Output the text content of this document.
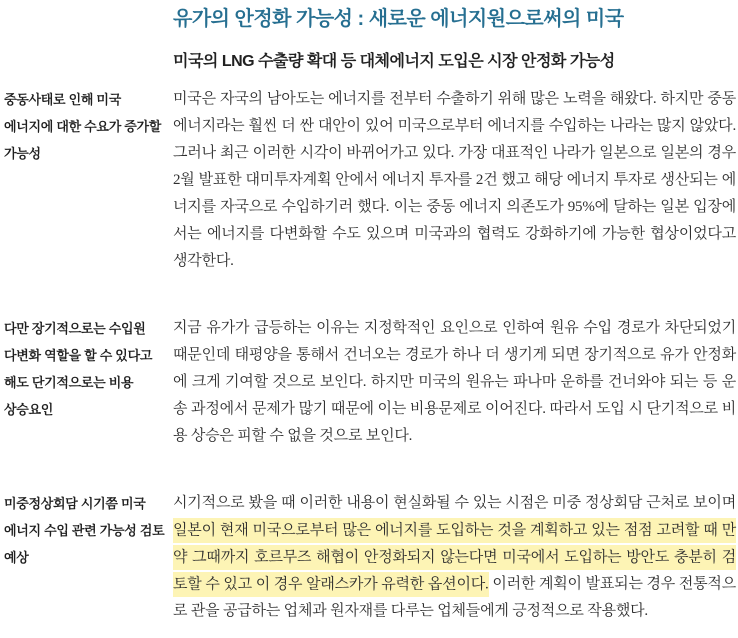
유가의 안정화 가능성 : 새로운 에너지원으로써의 미국
미국의 LNG 수출량 확대 등 대체에너지 도입은 시장 안정화 가능성
중동사태로 인해 미국 에너지에 대한 수요가 증가할 가능성

미국은 자국의 남아도는 에너지를 전부터 수출하기 위해 많은 노력을 해왔다. 하지만 중동 에너지라는 훨씬 더 싼 대안이 있어 미국으로부터 에너지를 수입하는 나라는 많지 않았다. 그러나 최근 이러한 시각이 바뀌어가고 있다. 가장 대표적인 나라가 일본으로 일본의 경우 2월 발표한 대미투자계획 안에서 에너지 투자를 2건 했고 해당 에너지 투자로 생산되는 에너지를 자국으로 수입하기러 했다. 이는 중동 에너지 의존도가 95%에 달하는 일본 입장에서는 에너지를 다변화할 수도 있으며 미국과의 협력도 강화하기에 가능한 협상이었다고 생각한다.

다만 장기적으로는 수입원 다변화 역할을 할 수 있다고 해도 단기적으로는 비용 상승요인

지금 유가가 급등하는 이유는 지정학적인 요인으로 인하여 원유 수입 경로가 차단되었기 때문인데 태평양을 통해서 건너오는 경로가 하나 더 생기게 되면 장기적으로 유가 안정화에 크게 기여할 것으로 보인다. 하지만 미국의 원유는 파나마 운하를 건너와야 되는 등 운송 과정에서 문제가 많기 때문에 이는 비용문제로 이어진다. 따라서 도입 시 단기적으로 비용 상승은 피할 수 없을 것으로 보인다.

미중정상회담 시기쯤 미국 에너지 수입 관련 가능성 검토 예상

시기적으로 봤을 때 이러한 내용이 현실화될 수 있는 시점은 미중 정상회담 근처로 보이며 일본이 현재 미국으로부터 많은 에너지를 도입하는 것을 계획하고 있는 점점 고려할 때 만약 그때까지 호르무즈 해협이 안정화되지 않는다면 미국에서 도입하는 방안도 충분히 검토할 수 있고 이 경우 알래스카가 유력한 옵션이다. 이러한 계획이 발표되는 경우 전통적으로 관을 공급하는 업체과 원자재를 다루는 업체들에게 긍정적으로 작용했다.
